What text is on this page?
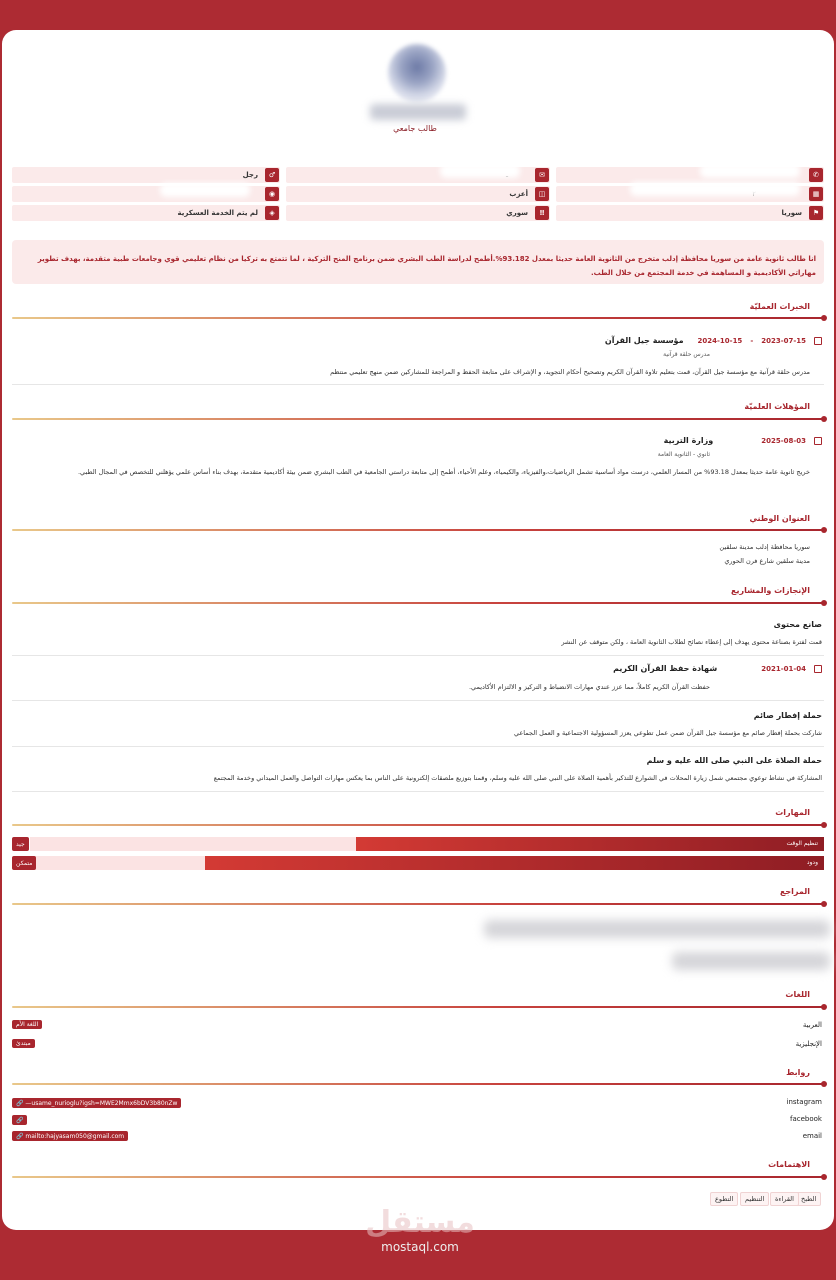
طالب جامعي
✆
▦
⚑
سوريا
✉
◫
أعزب
‼
سوري
♂
رجل
◉
◈
لم يتم الخدمة العسكرية
انا طالب ثانوية عامة من سوريا محافظة إدلب متخرج من الثانوية العامة حديثا بمعدل 93.182%.أطمح لدراسة الطب البشري ضمن برنامج المنح التركية ، لما تتمتع به تركيا من نظام تعليمي قوي وجامعات طبية متقدمة، بهدف تطوير مهاراتي الأكاديمية و المساهمة في خدمة المجتمع من خلال الطب.
الخبرات العمليّة
2023-07-15
-
2024-10-15
مؤسسة جيل القرآن
مدرس حلقة قرآنية
مدرس حلقة قرآنية مع مؤسسة جيل القرآن، قمت بتعليم تلاوة القرآن الكريم وتصحيح أحكام التجويد، و الإشراف على متابعة الحفظ و المراجعة للمشاركين ضمن منهج تعليمي منتظم
المؤهلات العلميّة
2025-08-03
وزارة التربية
ثانوي - الثانوية العامة
خريج ثانوية عامة حديثا بمعدل 93.18% من المسار العلمي، درست مواد أساسية تشمل الرياضيات،والفيزياء، والكيمياء، وعلم الأحياء، أطمح إلى متابعة دراستي الجامعية في الطب البشري ضمن بيئة أكاديمية متقدمة، بهدف بناء أساس علمي يؤهلني للتخصص في المجال الطبي.
العنوان الوطني
سوريا محافظة إدلب مدينة سلقين
مدينة سلقين شارع فرن الحوري
الإنجازات والمشاريع
صانع محتوى
قمت لفترة بصناعة محتوى يهدف إلى إعطاء نصائح لطلاب الثانوية العامة ، ولكن متوقف عن النشر
2021-01-04
شهادة حفظ القرآن الكريم
حفظت القرآن الكريم كاملاً، مما عزز عندي مهارات الانضباط و التركيز و الالتزام الأكاديمي.
حملة إفطار صائم
شاركت بحملة إفطار صائم مع مؤسسة جيل القرآن ضمن عمل تطوعي يعزز المسؤولية الاجتماعية و العمل الجماعي
حملة الصلاة على النبي صلى الله عليه و سلم
المشاركة في نشاط توعوي مجتمعي شمل زيارة المحلات في الشوارع للتذكير بأهمية الصلاة على النبي صلى الله عليه وسلم، وقمنا بتوزيع ملصقات إلكترونية على الناس بما يعكس مهارات التواصل والعمل الميداني وخدمة المجتمع
المهارات
تنظيم الوقت
جيد
ودود
متمكن
المراجع
اللغات
العربية
اللغة الأم
الإنجليزية
مبتدئ
روابط
instagram
🔗 —usame_nurioglu?igsh=MWE2Mmx6bDV3b80nZw
facebook
🔗
email
🔗 mailto:hajyasam050@gmail.com
الاهتمامات
الطبخ
القراءة
التنظيم
التطوع
مستقل
mostaql.com
